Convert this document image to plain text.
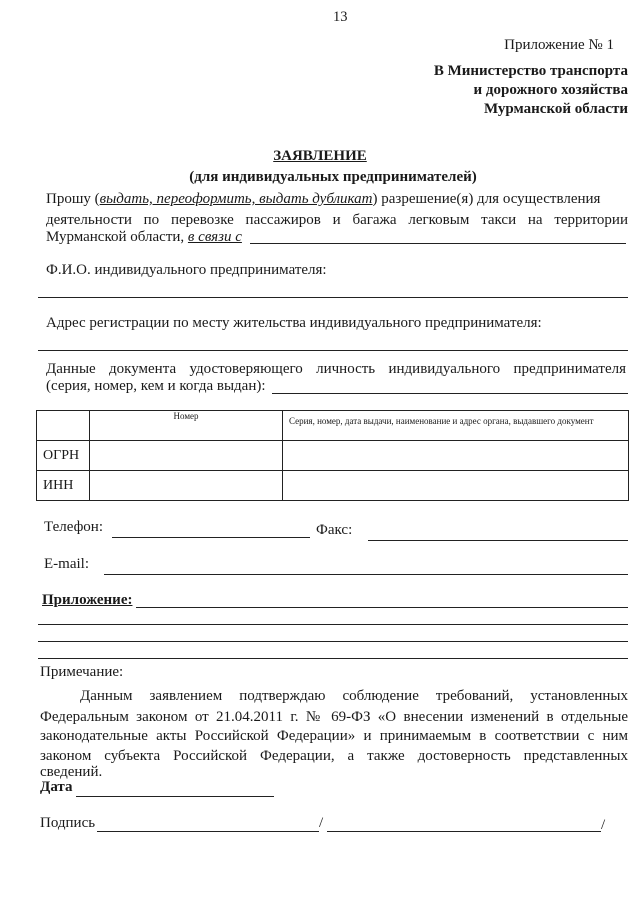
13
Приложение № 1
В Министерство транспорта
и дорожного хозяйства
Мурманской области
ЗАЯВЛЕНИЕ
(для индивидуальных предпринимателей)
Прошу (выдать, переоформить, выдать дубликат) разрешение(я) для осуществления
деятельности по перевозке пассажиров и багажа легковым такси на территории
Мурманской области, в связи с
Ф.И.О. индивидуального предпринимателя:
Адрес регистрации по месту жительства индивидуального предпринимателя:
Данные документа удостоверяющего личность индивидуального предпринимателя
(серия, номер, кем и когда выдан):
	Номер	Серия, номер, дата выдачи, наименование и адрес органа, выдавшего документ
ОГРН		
ИНН		
Телефон:	Факс:
E-mail:
Приложение:
Примечание:
Данным заявлением подтверждаю соблюдение требований, установленных
Федеральным законом от 21.04.2011 г. № 69-ФЗ «О внесении изменений в отдельные
законодательные акты Российской Федерации» и принимаемым в соответствии с ним
законом субъекта Российской Федерации, а также достоверность представленных
сведений.
Дата
Подпись	/	/
